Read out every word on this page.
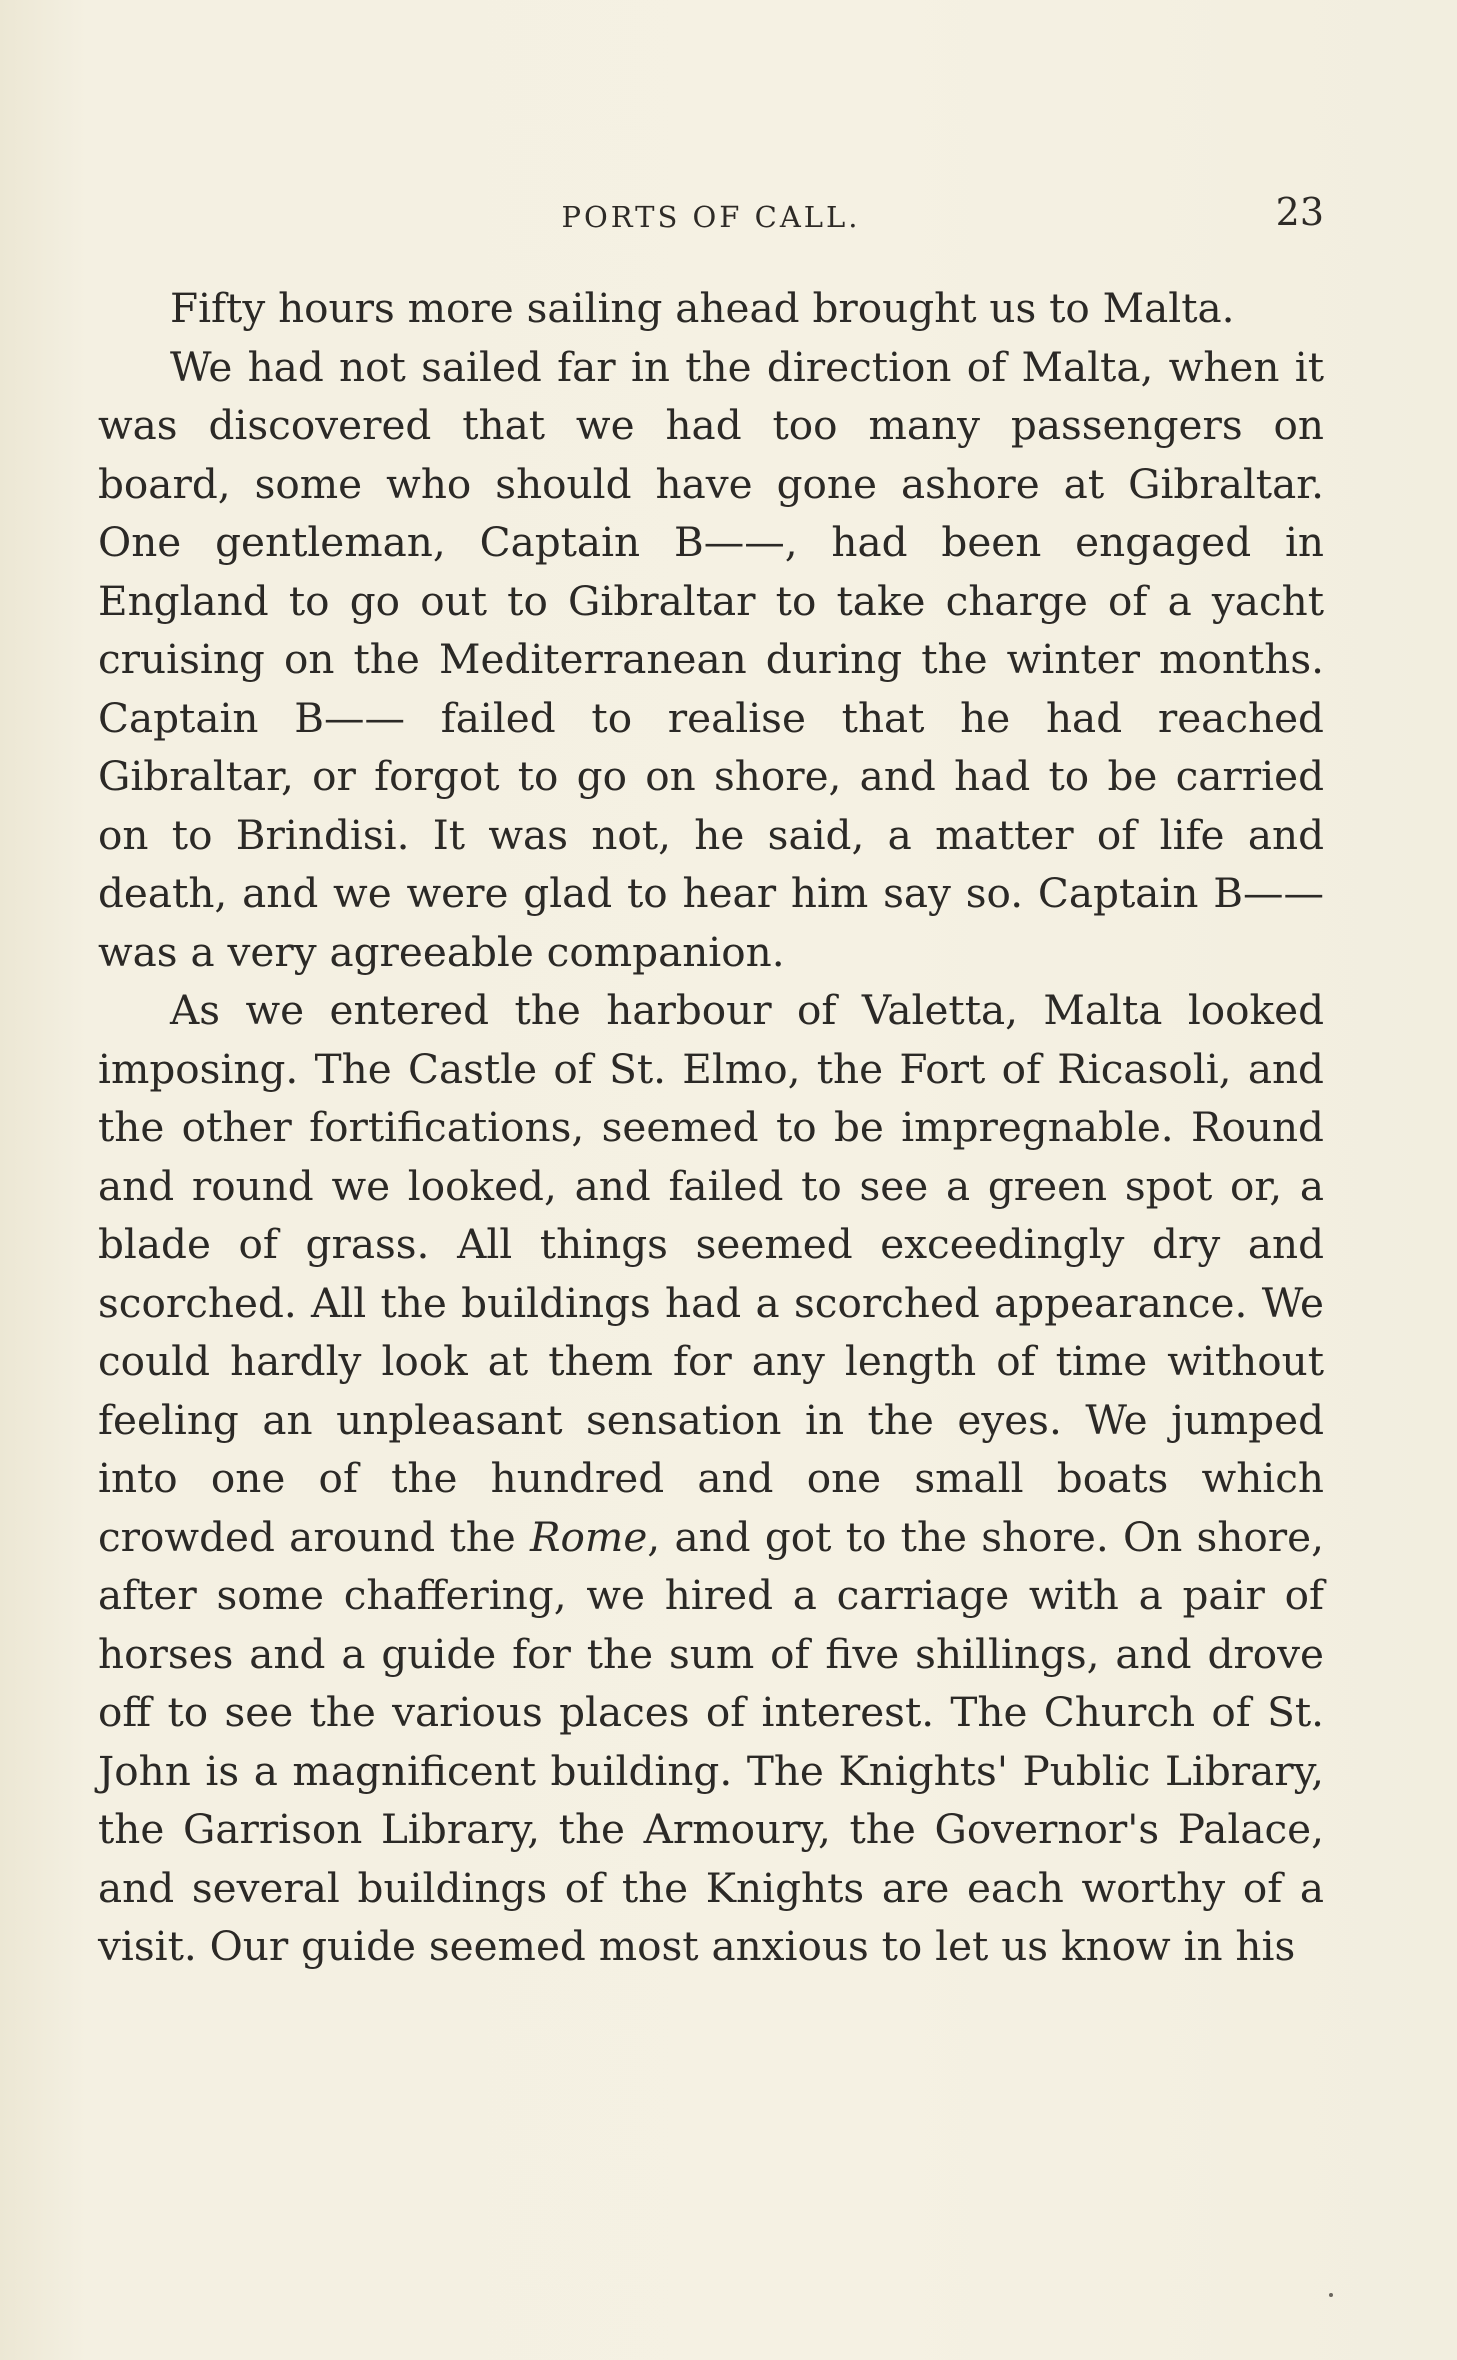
PORTS OF CALL.	23

Fifty hours more sailing ahead brought us to Malta.

We had not sailed far in the direction of Malta, when it was discovered that we had too many passengers on board, some who should have gone ashore at Gibraltar. One gentleman, Captain B——, had been engaged in England to go out to Gibraltar to take charge of a yacht cruising on the Mediterranean during the winter months. Captain B—— failed to realise that he had reached Gibraltar, or forgot to go on shore, and had to be carried on to Brindisi. It was not, he said, a matter of life and death, and we were glad to hear him say so. Captain B—— was a very agreeable companion.

As we entered the harbour of Valetta, Malta looked imposing. The Castle of St. Elmo, the Fort of Ricasoli, and the other fortifications, seemed to be impregnable. Round and round we looked, and failed to see a green spot or, a blade of grass. All things seemed exceedingly dry and scorched. All the buildings had a scorched appearance. We could hardly look at them for any length of time without feeling an unpleasant sensation in the eyes. We jumped into one of the hundred and one small boats which crowded around the Rome, and got to the shore. On shore, after some chaffering, we hired a carriage with a pair of horses and a guide for the sum of five shillings, and drove off to see the various places of interest. The Church of St. John is a magnificent building. The Knights' Public Library, the Garrison Library, the Armoury, the Governor's Palace, and several buildings of the Knights are each worthy of a visit. Our guide seemed most anxious to let us know in his
